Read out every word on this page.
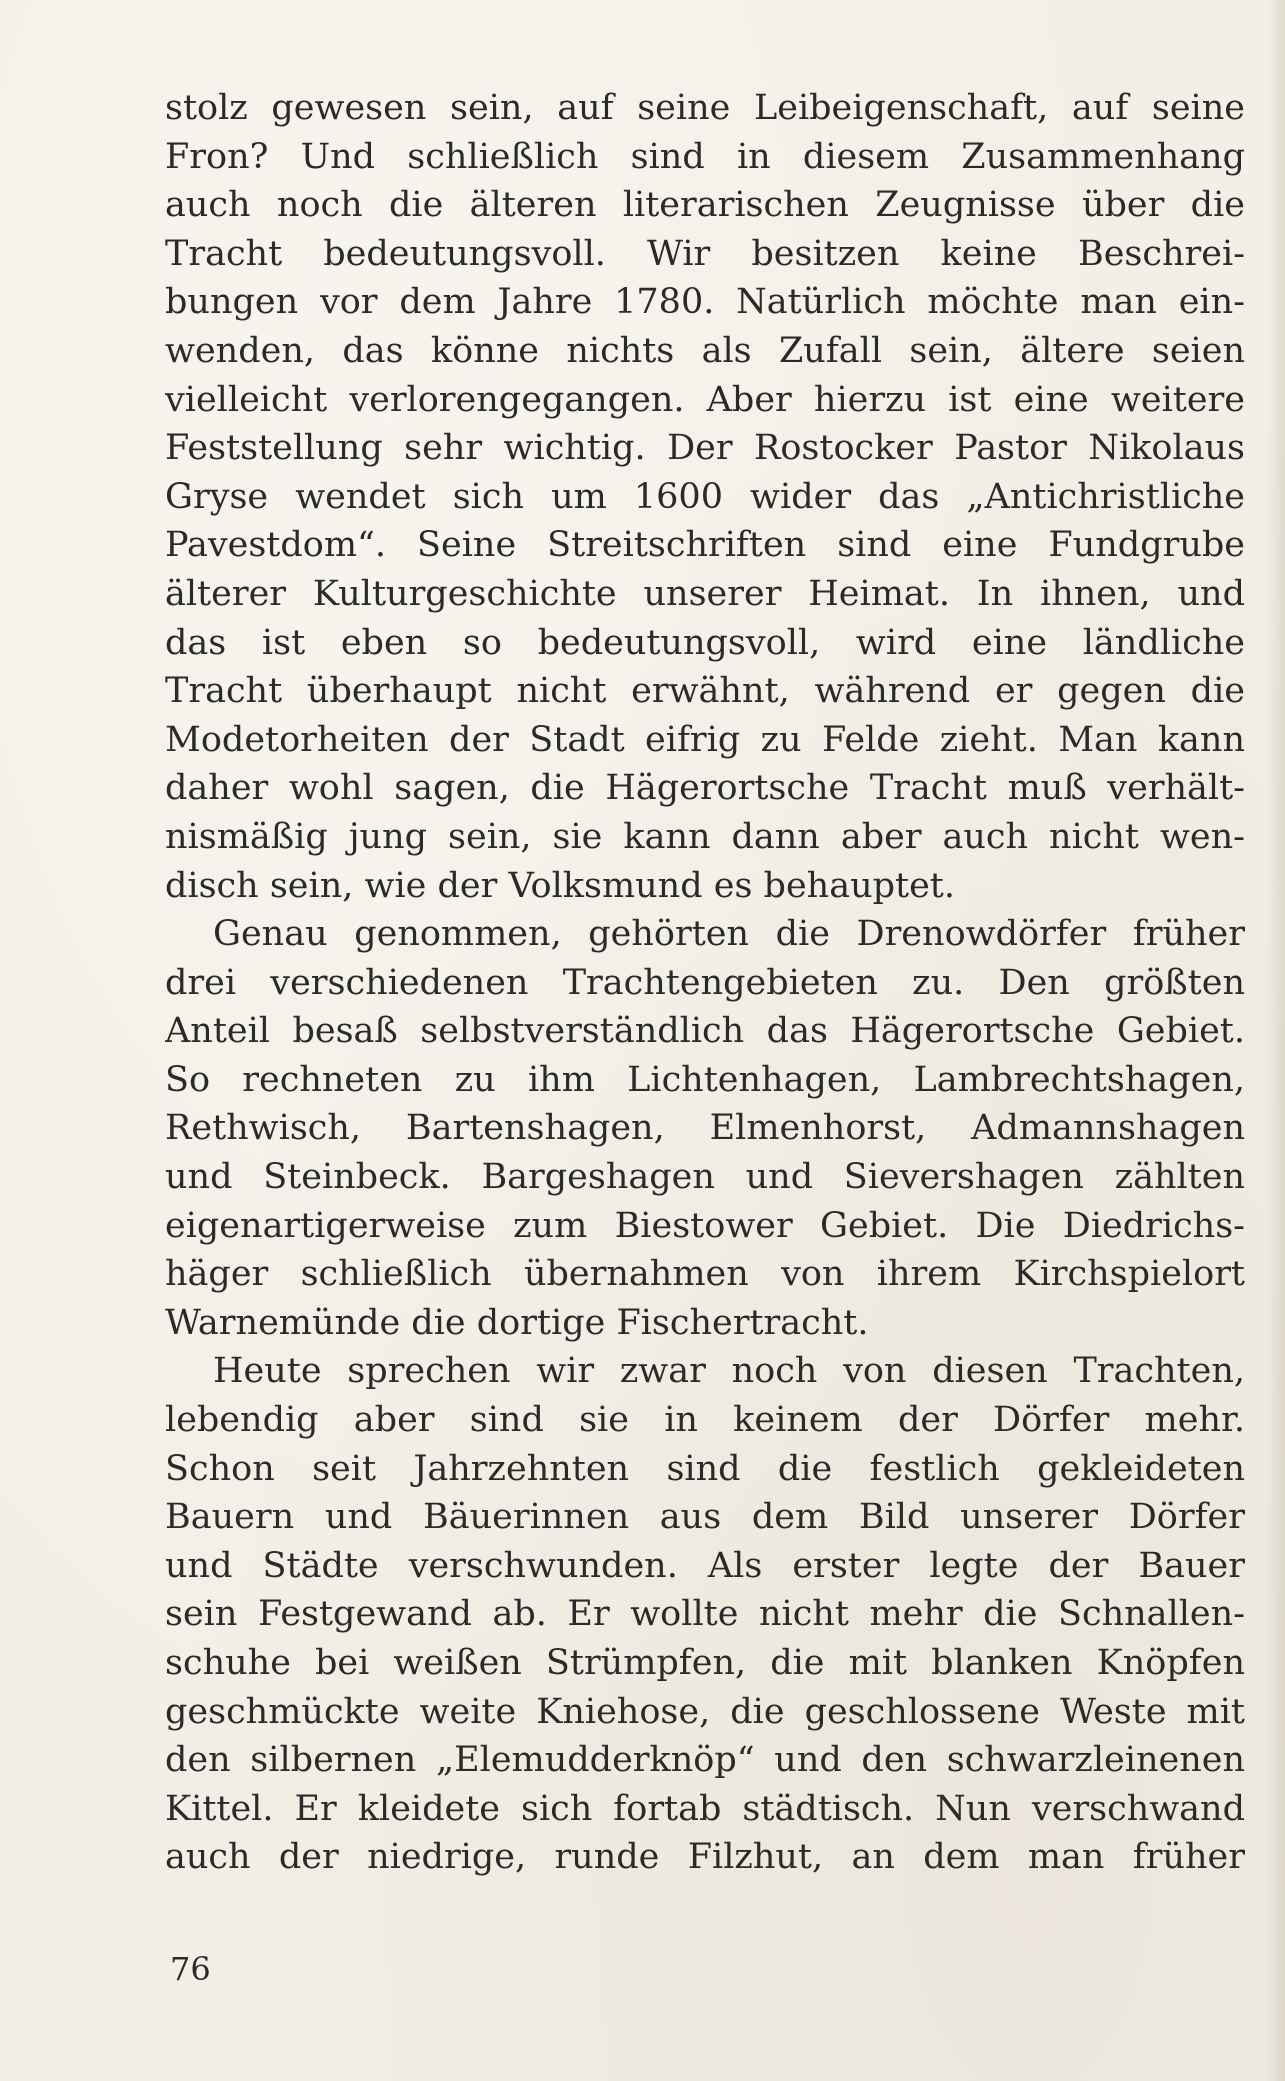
stolz gewesen sein, auf seine Leibeigenschaft, auf seine
Fron? Und schließlich sind in diesem Zusammenhang
auch noch die älteren literarischen Zeugnisse über die
Tracht bedeutungsvoll. Wir besitzen keine Beschrei-
bungen vor dem Jahre 1780. Natürlich möchte man ein-
wenden, das könne nichts als Zufall sein, ältere seien
vielleicht verlorengegangen. Aber hierzu ist eine weitere
Feststellung sehr wichtig. Der Rostocker Pastor Nikolaus
Gryse wendet sich um 1600 wider das „Antichristliche
Pavestdom“. Seine Streitschriften sind eine Fundgrube
älterer Kulturgeschichte unserer Heimat. In ihnen, und
das ist eben so bedeutungsvoll, wird eine ländliche
Tracht überhaupt nicht erwähnt, während er gegen die
Modetorheiten der Stadt eifrig zu Felde zieht. Man kann
daher wohl sagen, die Hägerortsche Tracht muß verhält-
nismäßig jung sein, sie kann dann aber auch nicht wen-
disch sein, wie der Volksmund es behauptet.
Genau genommen, gehörten die Drenowdörfer früher
drei verschiedenen Trachtengebieten zu. Den größten
Anteil besaß selbstverständlich das Hägerortsche Gebiet.
So rechneten zu ihm Lichtenhagen, Lambrechtshagen,
Rethwisch, Bartenshagen, Elmenhorst, Admannshagen
und Steinbeck. Bargeshagen und Sievershagen zählten
eigenartigerweise zum Biestower Gebiet. Die Diedrichs-
häger schließlich übernahmen von ihrem Kirchspielort
Warnemünde die dortige Fischertracht.
Heute sprechen wir zwar noch von diesen Trachten,
lebendig aber sind sie in keinem der Dörfer mehr.
Schon seit Jahrzehnten sind die festlich gekleideten
Bauern und Bäuerinnen aus dem Bild unserer Dörfer
und Städte verschwunden. Als erster legte der Bauer
sein Festgewand ab. Er wollte nicht mehr die Schnallen-
schuhe bei weißen Strümpfen, die mit blanken Knöpfen
geschmückte weite Kniehose, die geschlossene Weste mit
den silbernen „Elemudderknöp“ und den schwarzleinenen
Kittel. Er kleidete sich fortab städtisch. Nun verschwand
auch der niedrige, runde Filzhut, an dem man früher
76
